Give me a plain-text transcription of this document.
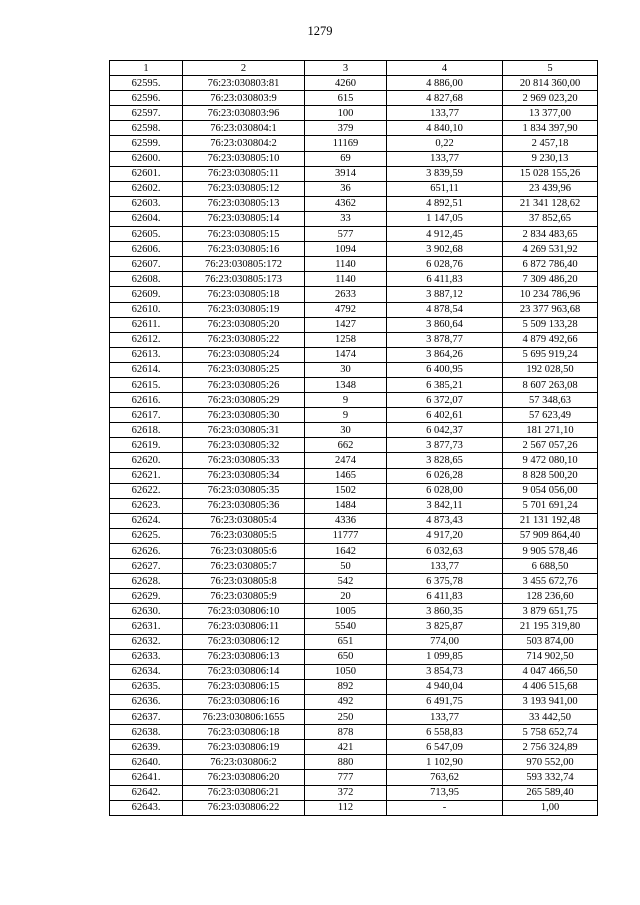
1279
1	2	3	4	5
62595.	76:23:030803:81	4260	4 886,00	20 814 360,00
62596.	76:23:030803:9	615	4 827,68	2 969 023,20
62597.	76:23:030803:96	100	133,77	13 377,00
62598.	76:23:030804:1	379	4 840,10	1 834 397,90
62599.	76:23:030804:2	11169	0,22	2 457,18
62600.	76:23:030805:10	69	133,77	9 230,13
62601.	76:23:030805:11	3914	3 839,59	15 028 155,26
62602.	76:23:030805:12	36	651,11	23 439,96
62603.	76:23:030805:13	4362	4 892,51	21 341 128,62
62604.	76:23:030805:14	33	1 147,05	37 852,65
62605.	76:23:030805:15	577	4 912,45	2 834 483,65
62606.	76:23:030805:16	1094	3 902,68	4 269 531,92
62607.	76:23:030805:172	1140	6 028,76	6 872 786,40
62608.	76:23:030805:173	1140	6 411,83	7 309 486,20
62609.	76:23:030805:18	2633	3 887,12	10 234 786,96
62610.	76:23:030805:19	4792	4 878,54	23 377 963,68
62611.	76:23:030805:20	1427	3 860,64	5 509 133,28
62612.	76:23:030805:22	1258	3 878,77	4 879 492,66
62613.	76:23:030805:24	1474	3 864,26	5 695 919,24
62614.	76:23:030805:25	30	6 400,95	192 028,50
62615.	76:23:030805:26	1348	6 385,21	8 607 263,08
62616.	76:23:030805:29	9	6 372,07	57 348,63
62617.	76:23:030805:30	9	6 402,61	57 623,49
62618.	76:23:030805:31	30	6 042,37	181 271,10
62619.	76:23:030805:32	662	3 877,73	2 567 057,26
62620.	76:23:030805:33	2474	3 828,65	9 472 080,10
62621.	76:23:030805:34	1465	6 026,28	8 828 500,20
62622.	76:23:030805:35	1502	6 028,00	9 054 056,00
62623.	76:23:030805:36	1484	3 842,11	5 701 691,24
62624.	76:23:030805:4	4336	4 873,43	21 131 192,48
62625.	76:23:030805:5	11777	4 917,20	57 909 864,40
62626.	76:23:030805:6	1642	6 032,63	9 905 578,46
62627.	76:23:030805:7	50	133,77	6 688,50
62628.	76:23:030805:8	542	6 375,78	3 455 672,76
62629.	76:23:030805:9	20	6 411,83	128 236,60
62630.	76:23:030806:10	1005	3 860,35	3 879 651,75
62631.	76:23:030806:11	5540	3 825,87	21 195 319,80
62632.	76:23:030806:12	651	774,00	503 874,00
62633.	76:23:030806:13	650	1 099,85	714 902,50
62634.	76:23:030806:14	1050	3 854,73	4 047 466,50
62635.	76:23:030806:15	892	4 940,04	4 406 515,68
62636.	76:23:030806:16	492	6 491,75	3 193 941,00
62637.	76:23:030806:1655	250	133,77	33 442,50
62638.	76:23:030806:18	878	6 558,83	5 758 652,74
62639.	76:23:030806:19	421	6 547,09	2 756 324,89
62640.	76:23:030806:2	880	1 102,90	970 552,00
62641.	76:23:030806:20	777	763,62	593 332,74
62642.	76:23:030806:21	372	713,95	265 589,40
62643.	76:23:030806:22	112	-	1,00
